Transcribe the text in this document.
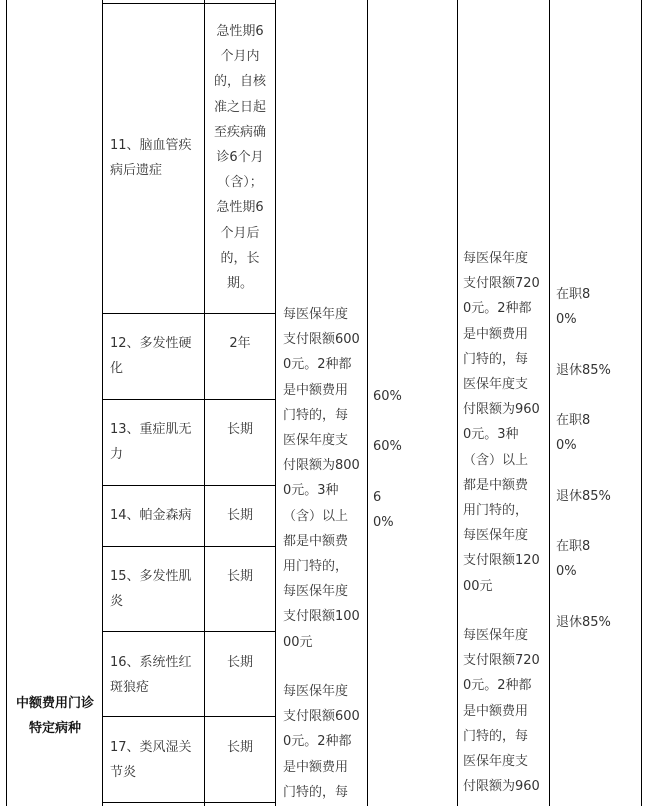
中额费用门诊
特定病种
11、脑血管疾
病后遗症
急性期6
个月内
的，自核
准之日起
至疾病确
诊6个月
（含）；
急性期6
个月后
的，长
期。
12、多发性硬
化
2年
13、重症肌无
力
长期
14、帕金森病	长期
15、多发性肌
炎
长期
16、系统性红
斑狼疮
长期
17、类风湿关
节炎
长期
每医保年度
支付限额600
0元。2种都
是中额费用
门特的，每
医保年度支
付限额为800
0元。3种
（含）以上
都是中额费
用门特的，
每医保年度
支付限额100
00元
每医保年度
支付限额600
0元。2种都
是中额费用
门特的，每
60%

60%

6
0%
每医保年度
支付限额720
0元。2种都
是中额费用
门特的，每
医保年度支
付限额为960
0元。3种
（含）以上
都是中额费
用门特的，
每医保年度
支付限额120
00元
每医保年度
支付限额720
0元。2种都
是中额费用
门特的，每
医保年度支
付限额为960
在职8
0%

退休85%

在职8
0%

退休85%

在职8
0%

退休85%
